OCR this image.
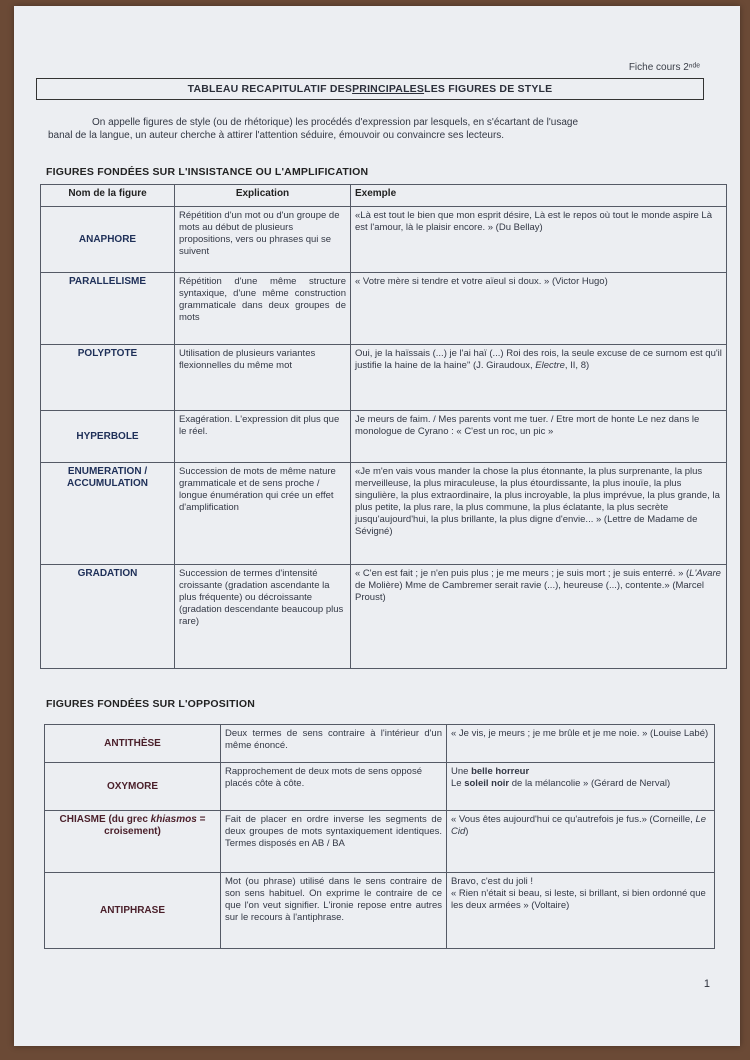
Fiche cours 2ⁿᵈᵉ
TABLEAU RECAPITULATIF DES PRINCIPALES LES FIGURES DE STYLE
On appelle figures de style (ou de rhétorique) les procédés d'expression par lesquels, en s'écartant de l'usage
banal de la langue, un auteur cherche à attirer l'attention séduire, émouvoir ou convaincre ses lecteurs.
FIGURES FONDÉES SUR L'INSISTANCE OU L'AMPLIFICATION
Nom de la figure	Explication	Exemple
ANAPHORE	Répétition d'un mot ou d'un groupe de mots au début de plusieurs propositions, vers ou phrases qui se suivent	«Là est tout le bien que mon esprit désire, Là est le repos où tout le monde aspire Là est l'amour, là le plaisir encore. » (Du Bellay)
PARALLELISME	Répétition d'une même structure syntaxique, d'une même construction grammaticale dans deux groupes de mots	« Votre mère si tendre et votre aïeul si doux. » (Victor Hugo)
POLYPTOTE	Utilisation de plusieurs variantes flexionnelles du même mot	Oui, je la haïssais (...) je l'ai haï (...) Roi des rois, la seule excuse de ce surnom est qu'il justifie la haine de la haine" (J. Giraudoux, Electre, II, 8)
HYPERBOLE	Exagération. L'expression dit plus que le réel.	Je meurs de faim. / Mes parents vont me tuer. / Etre mort de honte Le nez dans le monologue de Cyrano : « C'est un roc, un pic »
ENUMERATION / ACCUMULATION	Succession de mots de même nature grammaticale et de sens proche / longue énumération qui crée un effet d'amplification	«Je m'en vais vous mander la chose la plus étonnante, la plus surprenante, la plus merveilleuse, la plus miraculeuse, la plus étourdissante, la plus inouïe, la plus singulière, la plus extraordinaire, la plus incroyable, la plus imprévue, la plus grande, la plus petite, la plus rare, la plus commune, la plus éclatante, la plus secrète jusqu'aujourd'hui, la plus brillante, la plus digne d'envie... » (Lettre de Madame de Sévigné)
GRADATION	Succession de termes d'intensité croissante (gradation ascendante la plus fréquente) ou décroissante (gradation descendante beaucoup plus rare)	« C'en est fait ; je n'en puis plus ; je me meurs ; je suis mort ; je suis enterré. » (L'Avare de Molière) Mme de Cambremer serait ravie (...), heureuse (...), contente.» (Marcel Proust)
FIGURES FONDÉES SUR L'OPPOSITION
ANTITHÈSE	Deux termes de sens contraire à l'intérieur d'un même énoncé.	« Je vis, je meurs ; je me brûle et je me noie. » (Louise Labé)
OXYMORE	Rapprochement de deux mots de sens opposé placés côte à côte.	Une belle horreur
Le soleil noir de la mélancolie » (Gérard de Nerval)
CHIASME (du grec khiasmos = croisement)	Fait de placer en ordre inverse les segments de deux groupes de mots syntaxiquement identiques. Termes disposés en AB / BA	« Vous êtes aujourd'hui ce qu'autrefois je fus.» (Corneille, Le Cid)
ANTIPHRASE	Mot (ou phrase) utilisé dans le sens contraire de son sens habituel. On exprime le contraire de ce que l'on veut signifier. L'ironie repose entre autres sur le recours à l'antiphrase.	Bravo, c'est du joli !
« Rien n'était si beau, si leste, si brillant, si bien ordonné que les deux armées » (Voltaire)
1
